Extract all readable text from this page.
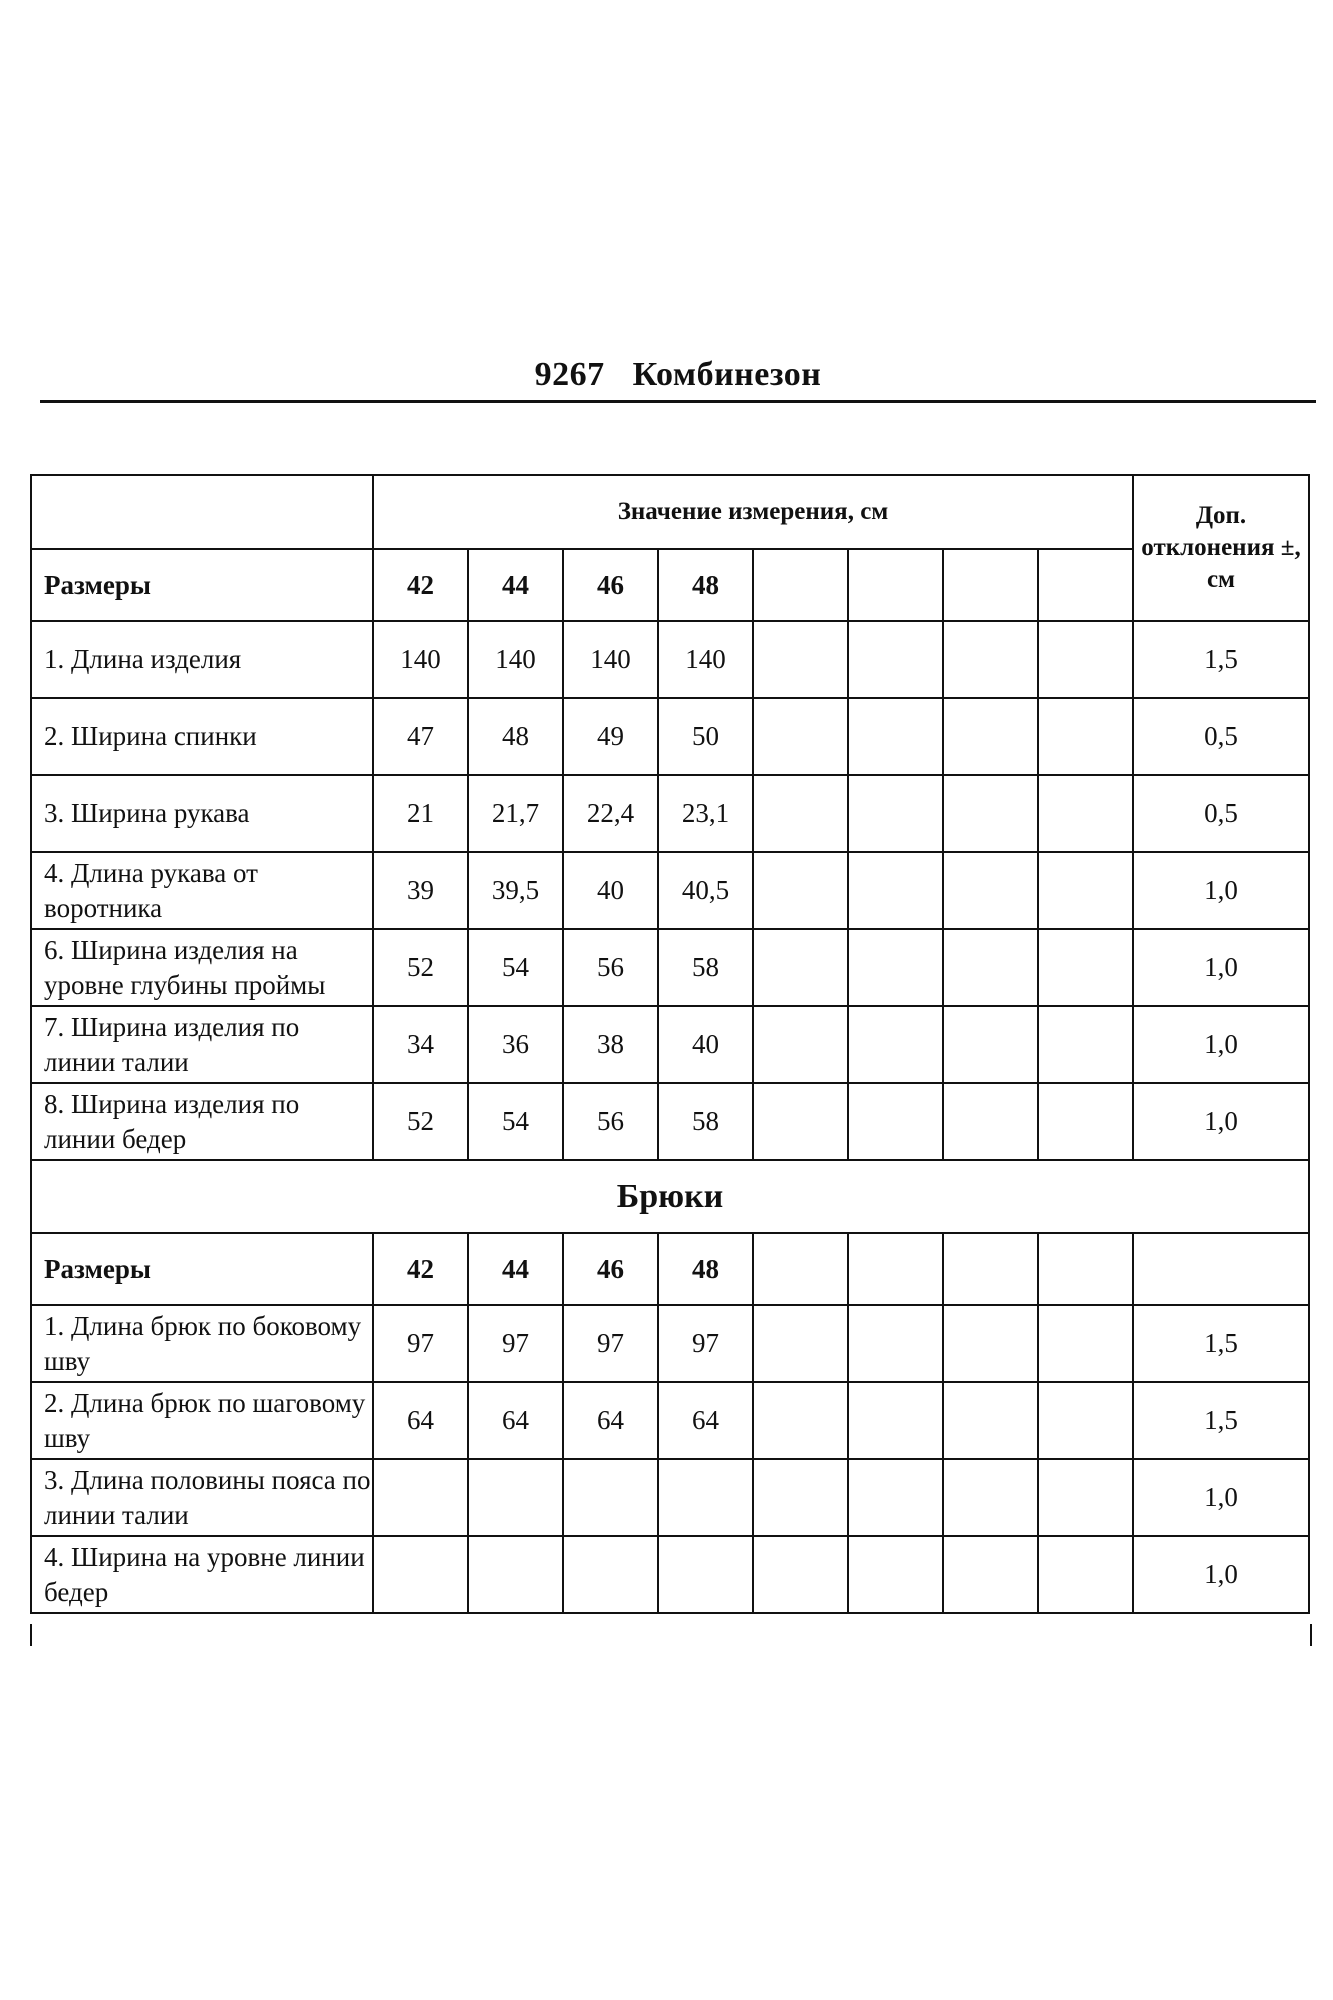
9267 Комбинезон
	Значение измерения, см								Доп. отклонения ±, см
Размеры	42	44	46	48					
1. Длина изделия	140	140	140	140					1,5
2. Ширина спинки	47	48	49	50					0,5
3. Ширина рукава	21	21,7	22,4	23,1					0,5
4. Длина рукава от воротника	39	39,5	40	40,5					1,0
6. Ширина изделия на уровне глубины проймы	52	54	56	58					1,0
7. Ширина изделия по линии талии	34	36	38	40					1,0
8. Ширина изделия по линии бедер	52	54	56	58					1,0
Брюки									
Размеры	42	44	46	48					
1. Длина брюк по боковому шву	97	97	97	97					1,5
2. Длина брюк по шаговому шву	64	64	64	64					1,5
3. Длина половины пояса по линии талии									1,0
4. Ширина на уровне линии бедер									1,0
